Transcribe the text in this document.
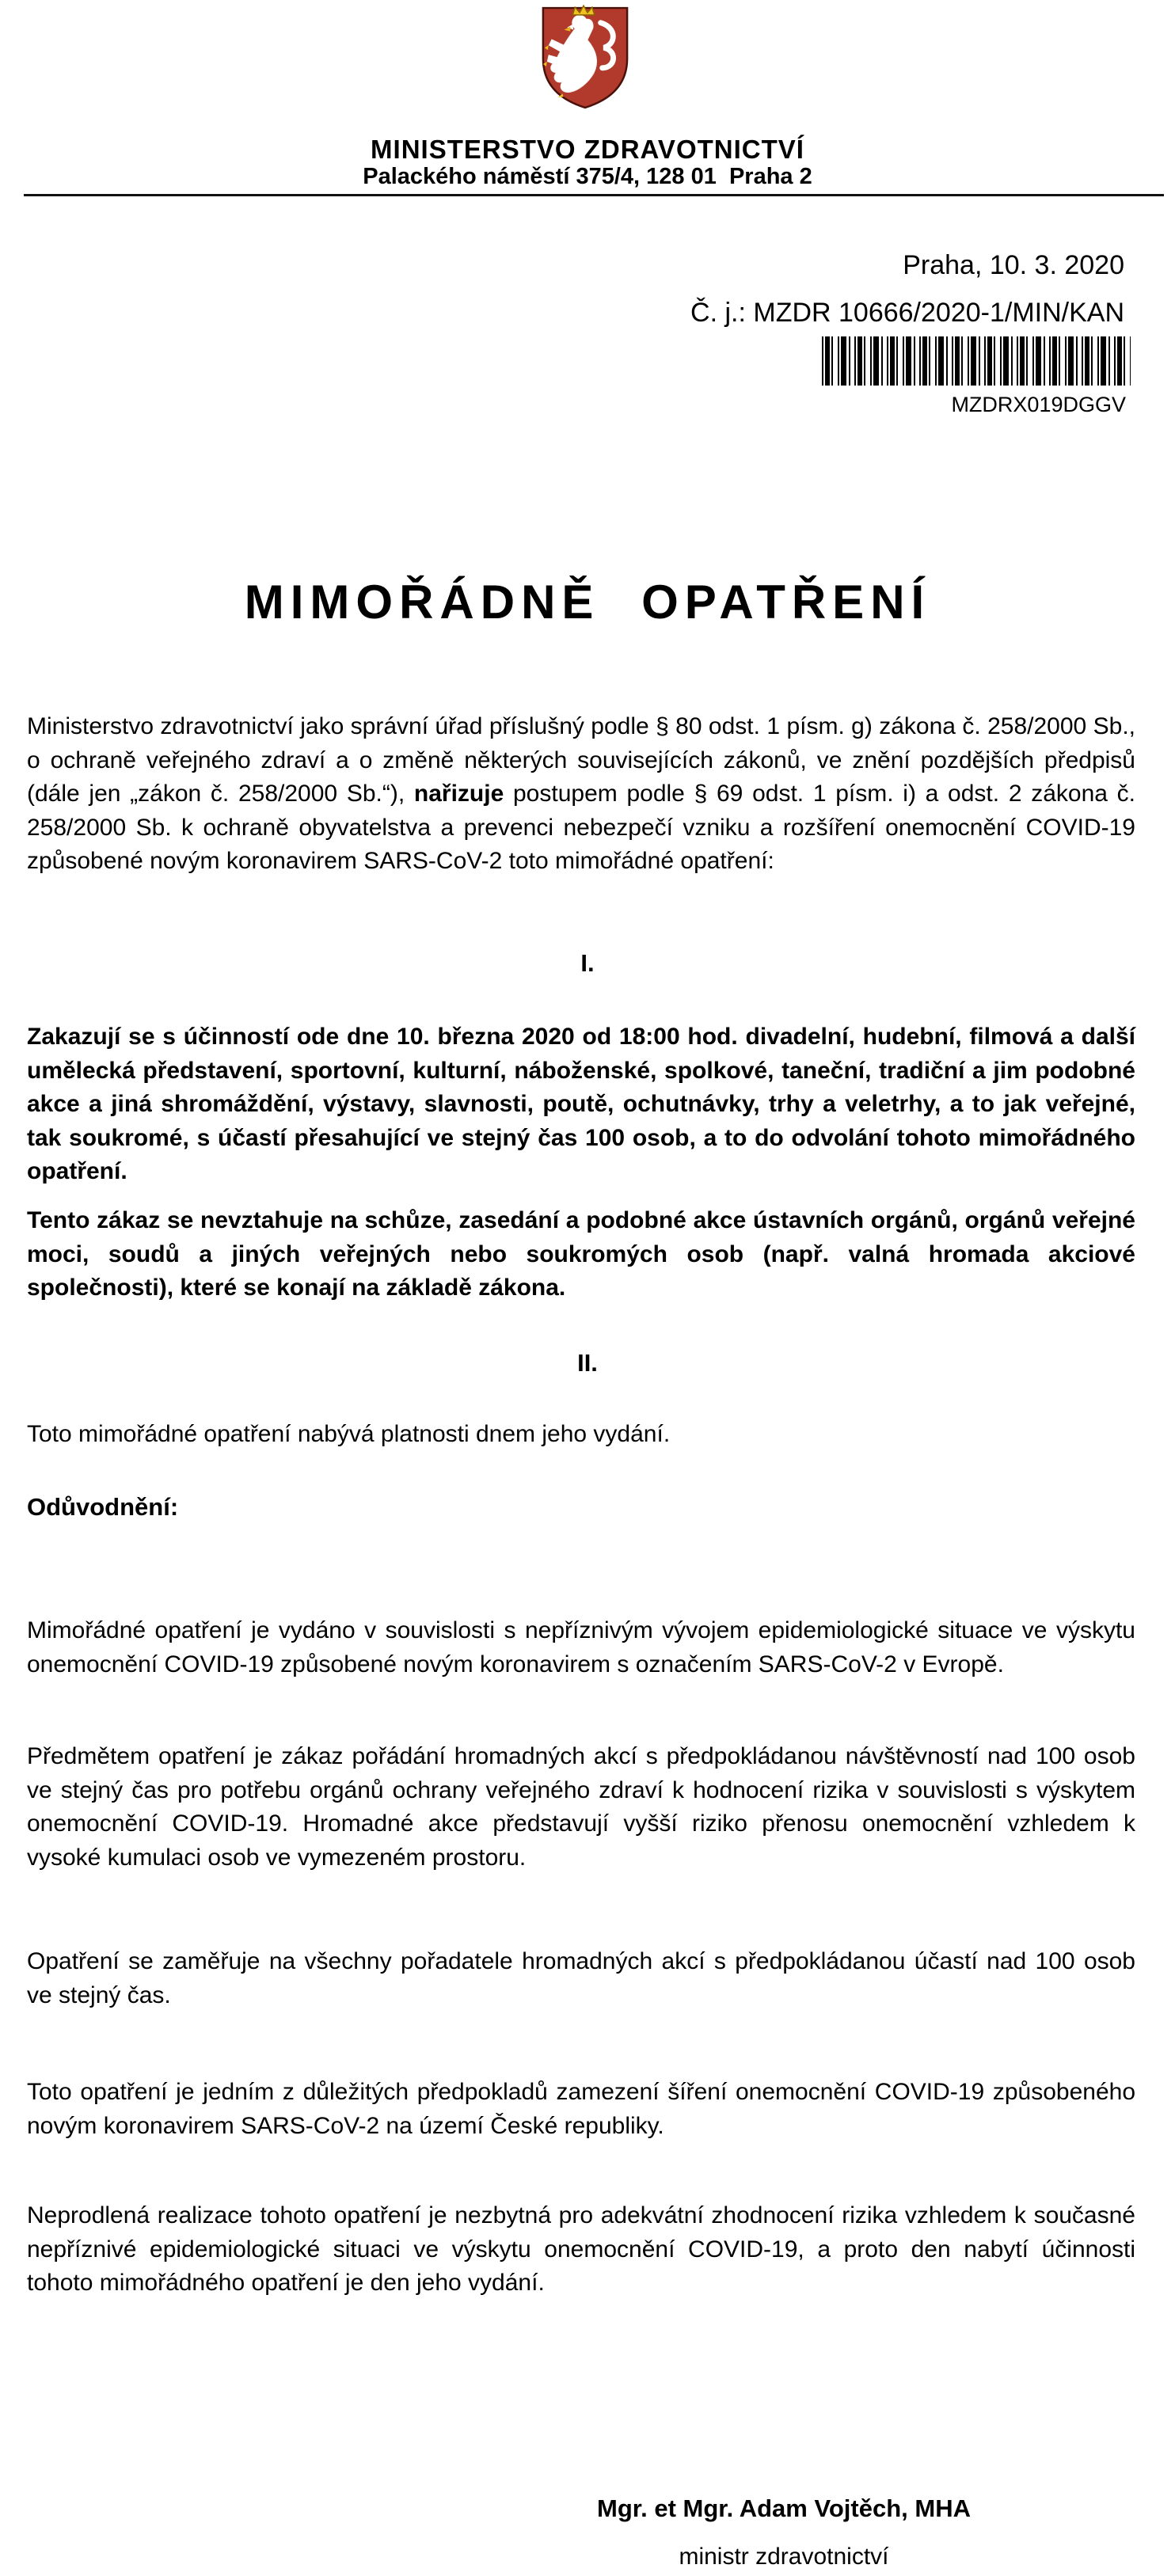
MINISTERSTVO ZDRAVOTNICTVÍ
Palackého náměstí 375/4, 128 01  Praha 2
Praha, 10. 3. 2020
Č. j.: MZDR 10666/2020-1/MIN/KAN
MZDRX019DGGV
MIMOŘÁDNĚ OPATŘENÍ

Ministerstvo zdravotnictví jako správní úřad příslušný podle § 80 odst. 1 písm. g) zákona č. 258/2000 Sb., o ochraně veřejného zdraví a o změně některých souvisejících zákonů, ve znění pozdějších předpisů (dále jen „zákon č. 258/2000 Sb.“), nařizuje postupem podle § 69 odst. 1 písm. i) a odst. 2 zákona č. 258/2000 Sb. k ochraně obyvatelstva a prevenci nebezpečí vzniku a rozšíření onemocnění COVID-19 způsobené novým koronavirem SARS-CoV-2 toto mimořádné opatření:

I.

Zakazují se s účinností ode dne 10. března 2020 od 18:00 hod. divadelní, hudební, filmová a další umělecká představení, sportovní, kulturní, náboženské, spolkové, taneční, tradiční a jim podobné akce a jiná shromáždění, výstavy, slavnosti, poutě, ochutnávky, trhy a veletrhy, a to jak veřejné, tak soukromé, s účastí přesahující ve stejný čas 100 osob, a to do odvolání tohoto mimořádného opatření.

Tento zákaz se nevztahuje na schůze, zasedání a podobné akce ústavních orgánů, orgánů veřejné moci, soudů a jiných veřejných nebo soukromých osob (např. valná hromada akciové společnosti), které se konají na základě zákona.

II.

Toto mimořádné opatření nabývá platnosti dnem jeho vydání.

Odůvodnění:

Mimořádné opatření je vydáno v souvislosti s nepříznivým vývojem epidemiologické situace ve výskytu onemocnění COVID-19 způsobené novým koronavirem s označením SARS-CoV-2 v Evropě.

Předmětem opatření je zákaz pořádání hromadných akcí s předpokládanou návštěvností nad 100 osob ve stejný čas pro potřebu orgánů ochrany veřejného zdraví k hodnocení rizika v souvislosti s výskytem onemocnění COVID-19. Hromadné akce představují vyšší riziko přenosu onemocnění vzhledem k vysoké kumulaci osob ve vymezeném prostoru.

Opatření se zaměřuje na všechny pořadatele hromadných akcí s předpokládanou účastí nad 100 osob ve stejný čas.

Toto opatření je jedním z důležitých předpokladů zamezení šíření onemocnění COVID-19 způsobeného novým koronavirem SARS-CoV-2 na území České republiky.

Neprodlená realizace tohoto opatření je nezbytná pro adekvátní zhodnocení rizika vzhledem k současné nepříznivé epidemiologické situaci ve výskytu onemocnění COVID-19, a proto den nabytí účinnosti tohoto mimořádného opatření je den jeho vydání.

Mgr. et Mgr. Adam Vojtěch, MHA
ministr zdravotnictví
